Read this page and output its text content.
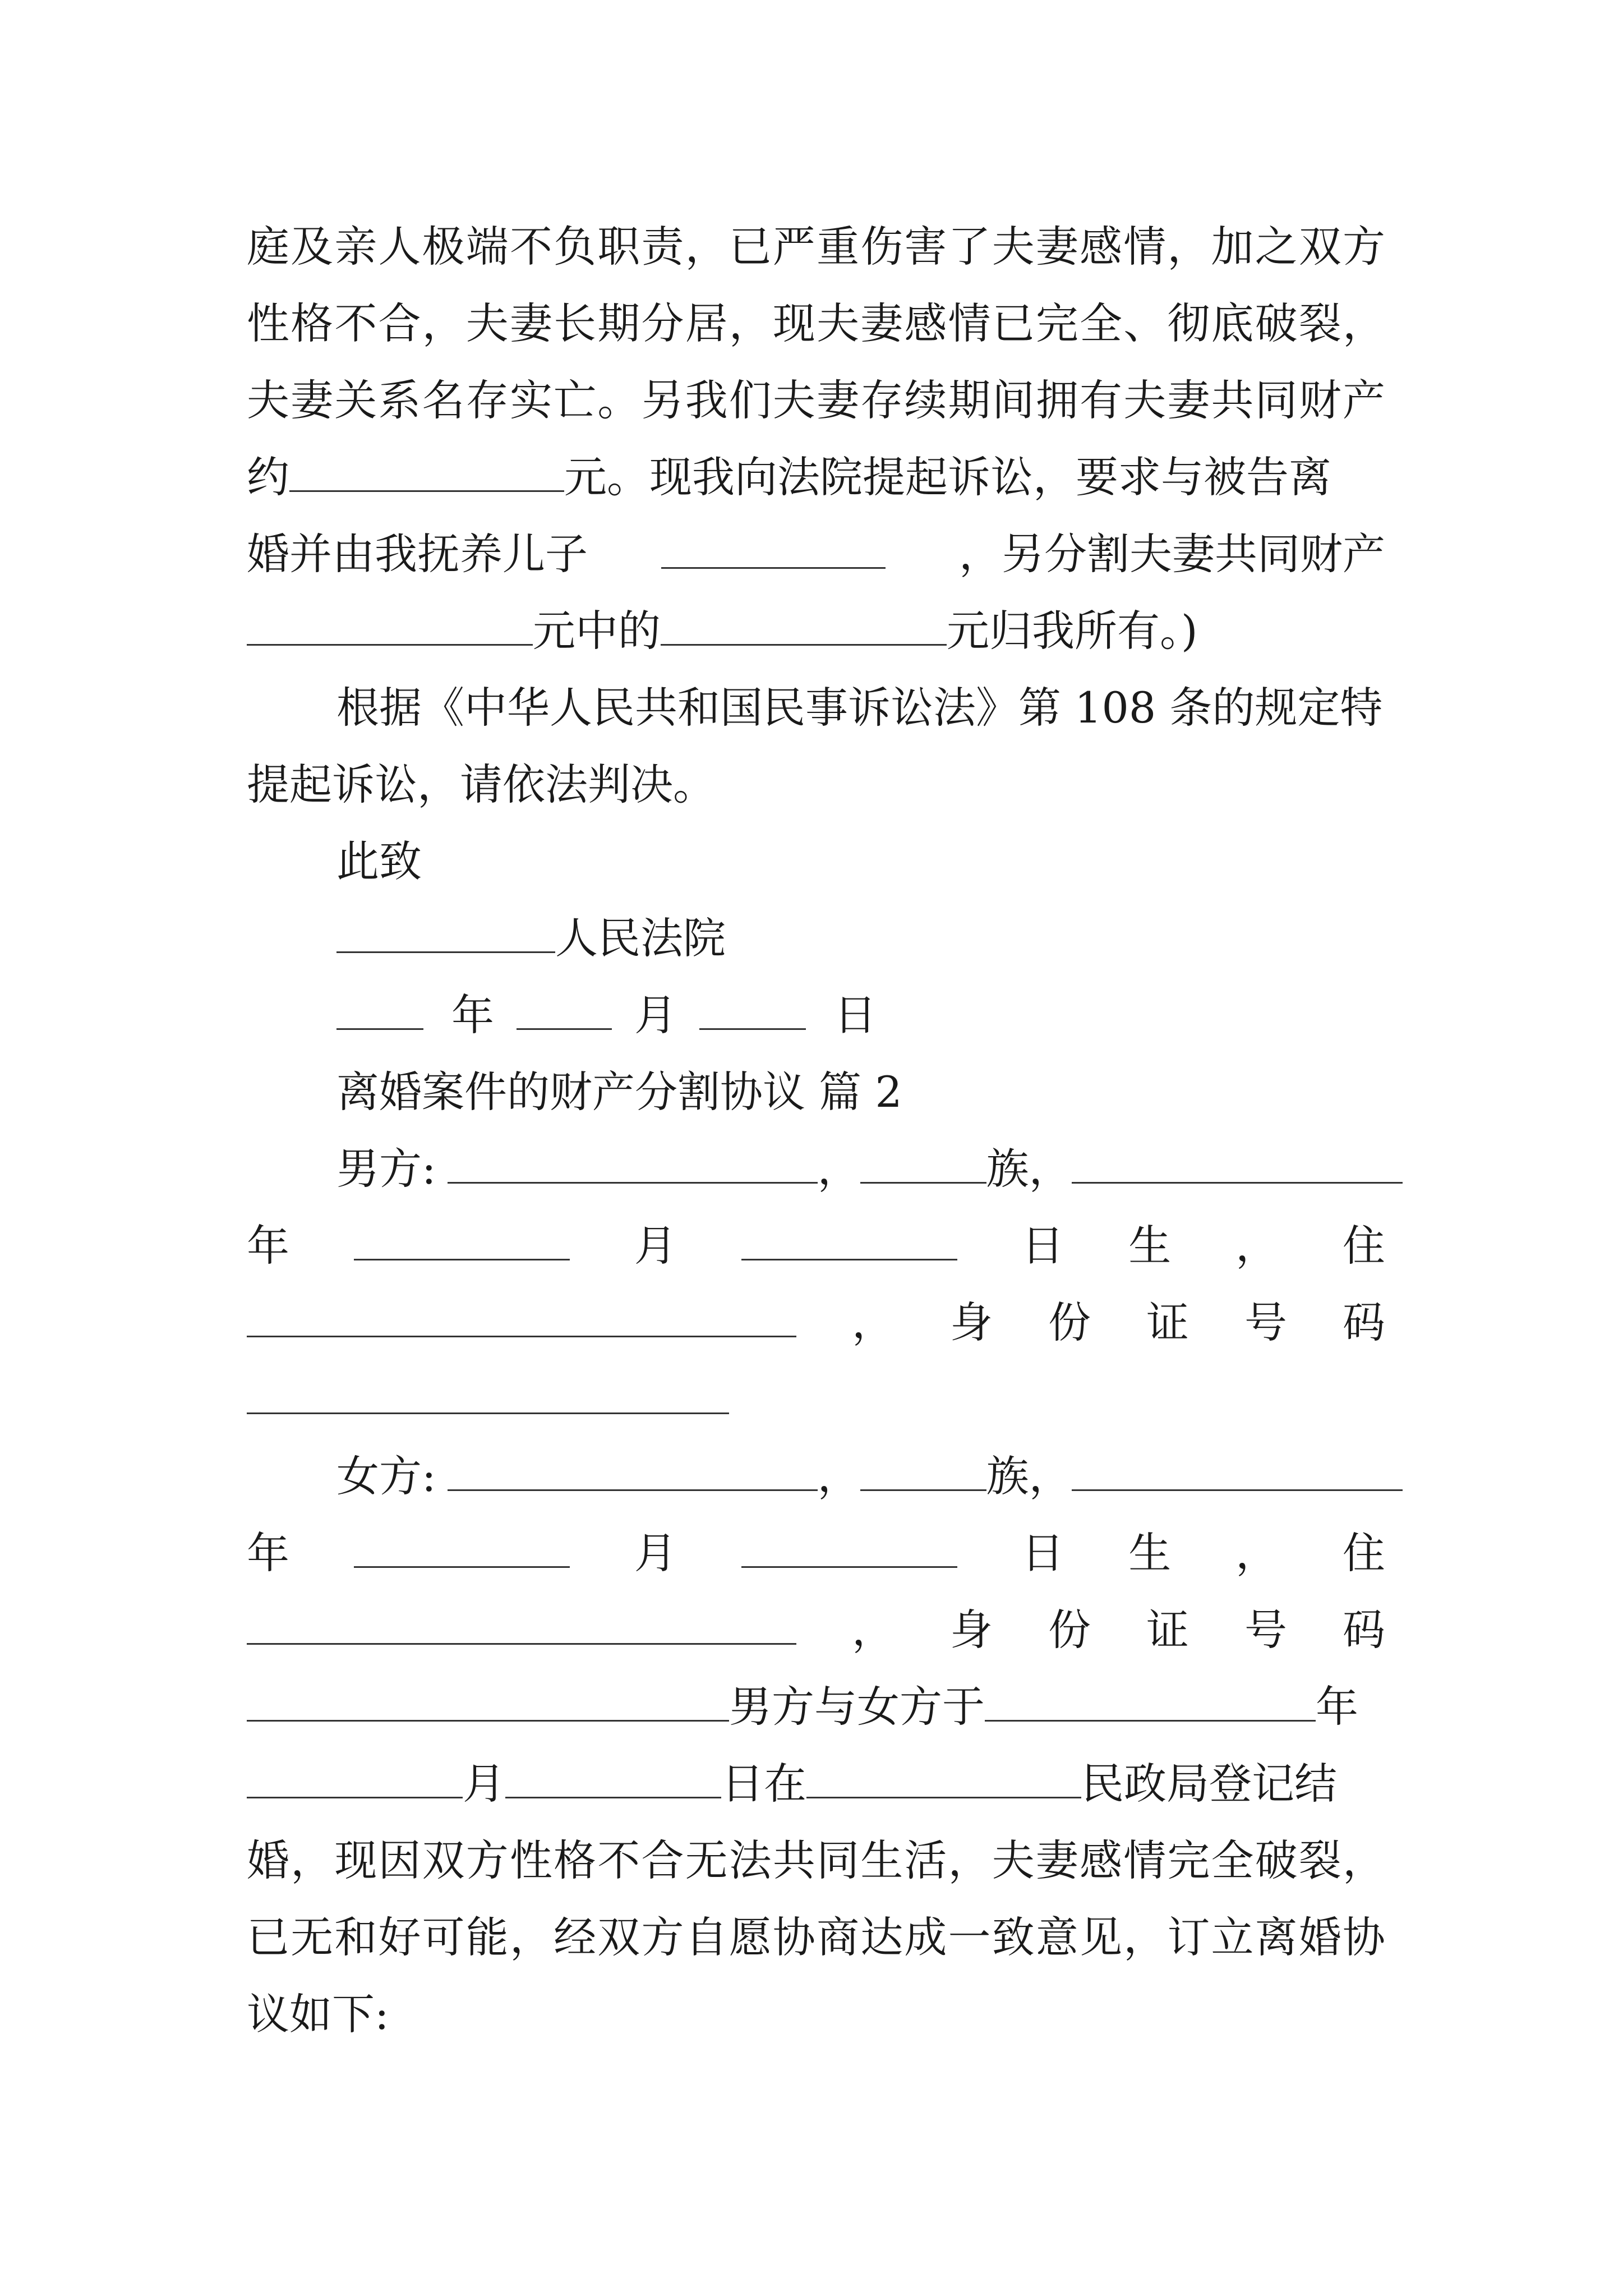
庭及亲人极端不负职责，已严重伤害了夫妻感情，加之双方
性格不合，夫妻长期分居，现夫妻感情已完全、彻底破裂，
夫妻关系名存实亡。另我们夫妻存续期间拥有夫妻共同财产
约	元。现我向法院提起诉讼，要求与被告离
婚并由我抚养儿子	，另分割夫妻共同财产
元中的	元归我所有。)
根据《中华人民共和国民事诉讼法》第 108 条的规定特
提起诉讼，请依法判决。
此致
人民法院
年	月	日
离婚案件的财产分割协议 篇 2
男方:	，	族，
年	月	日 生 ， 住
， 身 份 证 号 码
女方:	，	族，
年	月	日 生 ， 住
， 身 份 证 号 码
男方与女方于	年
月	日在	民政局登记结
婚，现因双方性格不合无法共同生活，夫妻感情完全破裂，
已无和好可能，经双方自愿协商达成一致意见，订立离婚协
议如下:
